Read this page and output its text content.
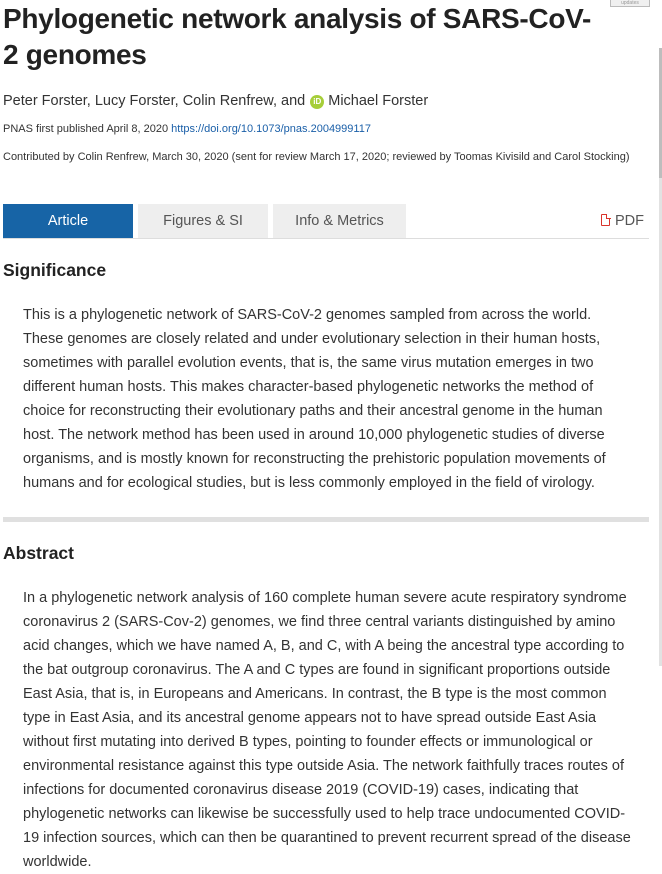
updates
Phylogenetic network analysis of SARS-CoV-2 genomes
Peter Forster, Lucy Forster, Colin Renfrew, and iD Michael Forster
PNAS first published April 8, 2020 https://doi.org/10.1073/pnas.2004999117

Contributed by Colin Renfrew, March 30, 2020 (sent for review March 17, 2020; reviewed by Toomas Kivisild and Carol Stocking)

Article	Figures & SI	Info & Metrics	PDF
Significance

This is a phylogenetic network of SARS-CoV-2 genomes sampled from across the world. These genomes are closely related and under evolutionary selection in their human hosts, sometimes with parallel evolution events, that is, the same virus mutation emerges in two different human hosts. This makes character-based phylogenetic networks the method of choice for reconstructing their evolutionary paths and their ancestral genome in the human host. The network method has been used in around 10,000 phylogenetic studies of diverse organisms, and is mostly known for reconstructing the prehistoric population movements of humans and for ecological studies, but is less commonly employed in the field of virology.

Abstract

In a phylogenetic network analysis of 160 complete human severe acute respiratory syndrome coronavirus 2 (SARS-Cov-2) genomes, we find three central variants distinguished by amino acid changes, which we have named A, B, and C, with A being the ancestral type according to the bat outgroup coronavirus. The A and C types are found in significant proportions outside East Asia, that is, in Europeans and Americans. In contrast, the B type is the most common type in East Asia, and its ancestral genome appears not to have spread outside East Asia without first mutating into derived B types, pointing to founder effects or immunological or environmental resistance against this type outside Asia. The network faithfully traces routes of infections for documented coronavirus disease 2019 (COVID-19) cases, indicating that phylogenetic networks can likewise be successfully used to help trace undocumented COVID-19 infection sources, which can then be quarantined to prevent recurrent spread of the disease worldwide.
